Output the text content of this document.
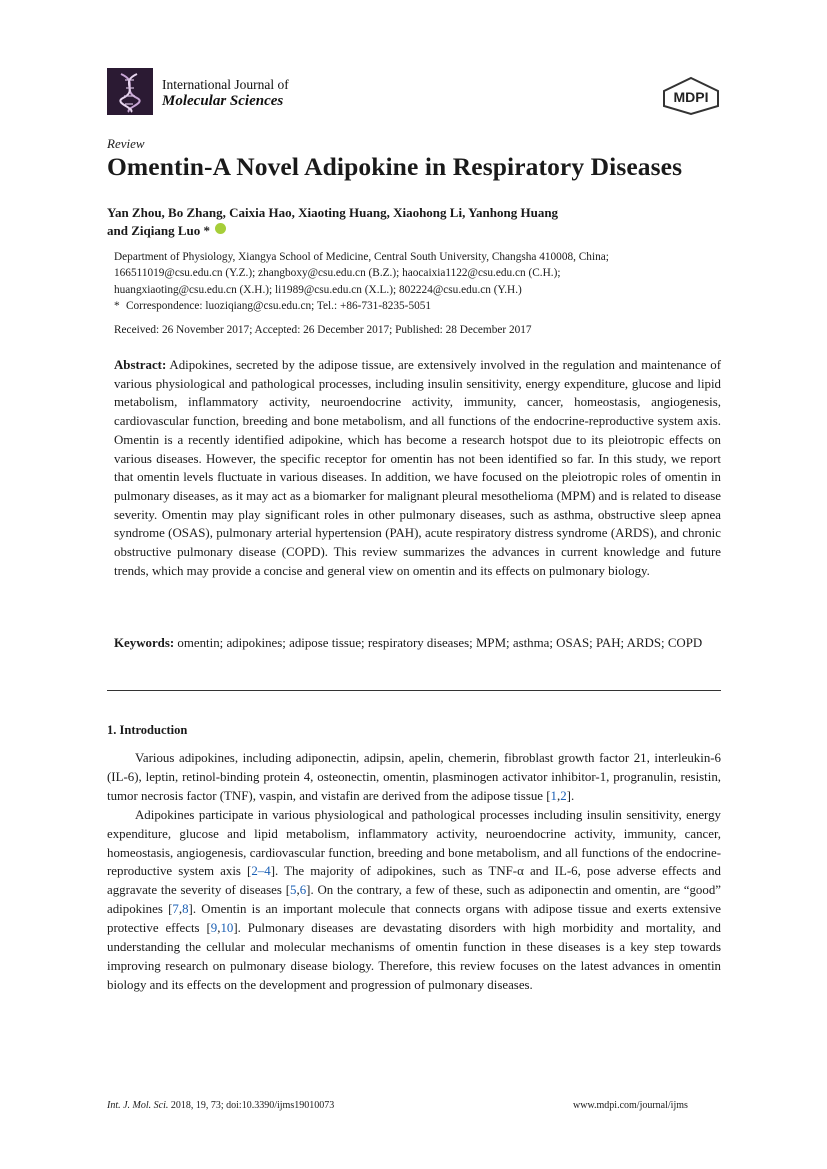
International Journal of
Molecular Sciences	MDPI
Review
Omentin-A Novel Adipokine in Respiratory Diseases
Yan Zhou, Bo Zhang, Caixia Hao, Xiaoting Huang, Xiaohong Li, Yanhong Huang
and Ziqiang Luo *
Department of Physiology, Xiangya School of Medicine, Central South University, Changsha 410008, China;
166511019@csu.edu.cn (Y.Z.); zhangboxy@csu.edu.cn (B.Z.); haocaixia1122@csu.edu.cn (C.H.);
huangxiaoting@csu.edu.cn (X.H.); li1989@csu.edu.cn (X.L.); 802224@csu.edu.cn (Y.H.)
* Correspondence: luoziqiang@csu.edu.cn; Tel.: +86-731-8235-5051
Received: 26 November 2017; Accepted: 26 December 2017; Published: 28 December 2017
Abstract: Adipokines, secreted by the adipose tissue, are extensively involved in the regulation and maintenance of various physiological and pathological processes, including insulin sensitivity, energy expenditure, glucose and lipid metabolism, inflammatory activity, neuroendocrine activity, immunity, cancer, homeostasis, angiogenesis, cardiovascular function, breeding and bone metabolism, and all functions of the endocrine-reproductive system axis. Omentin is a recently identified adipokine, which has become a research hotspot due to its pleiotropic effects on various diseases. However, the specific receptor for omentin has not been identified so far. In this study, we report that omentin levels fluctuate in various diseases. In addition, we have focused on the pleiotropic roles of omentin in pulmonary diseases, as it may act as a biomarker for malignant pleural mesothelioma (MPM) and is related to disease severity. Omentin may play significant roles in other pulmonary diseases, such as asthma, obstructive sleep apnea syndrome (OSAS), pulmonary arterial hypertension (PAH), acute respiratory distress syndrome (ARDS), and chronic obstructive pulmonary disease (COPD). This review summarizes the advances in current knowledge and future trends, which may provide a concise and general view on omentin and its effects on pulmonary biology.
Keywords: omentin; adipokines; adipose tissue; respiratory diseases; MPM; asthma; OSAS; PAH; ARDS; COPD
1. Introduction

Various adipokines, including adiponectin, adipsin, apelin, chemerin, fibroblast growth factor 21, interleukin-6 (IL-6), leptin, retinol-binding protein 4, osteonectin, omentin, plasminogen activator inhibitor-1, progranulin, resistin, tumor necrosis factor (TNF), vaspin, and vistafin are derived from the adipose tissue [1,2].

Adipokines participate in various physiological and pathological processes including insulin sensitivity, energy expenditure, glucose and lipid metabolism, inflammatory activity, neuroendocrine activity, immunity, cancer, homeostasis, angiogenesis, cardiovascular function, breeding and bone metabolism, and all functions of the endocrine-reproductive system axis [2–4]. The majority of adipokines, such as TNF-α and IL-6, pose adverse effects and aggravate the severity of diseases [5,6]. On the contrary, a few of these, such as adiponectin and omentin, are “good” adipokines [7,8]. Omentin is an important molecule that connects organs with adipose tissue and exerts extensive protective effects [9,10]. Pulmonary diseases are devastating disorders with high morbidity and mortality, and understanding the cellular and molecular mechanisms of omentin function in these diseases is a key step towards improving research on pulmonary disease biology. Therefore, this review focuses on the latest advances in omentin biology and its effects on the development and progression of pulmonary diseases.

Int. J. Mol. Sci. 2018, 19, 73; doi:10.3390/ijms19010073	www.mdpi.com/journal/ijms
